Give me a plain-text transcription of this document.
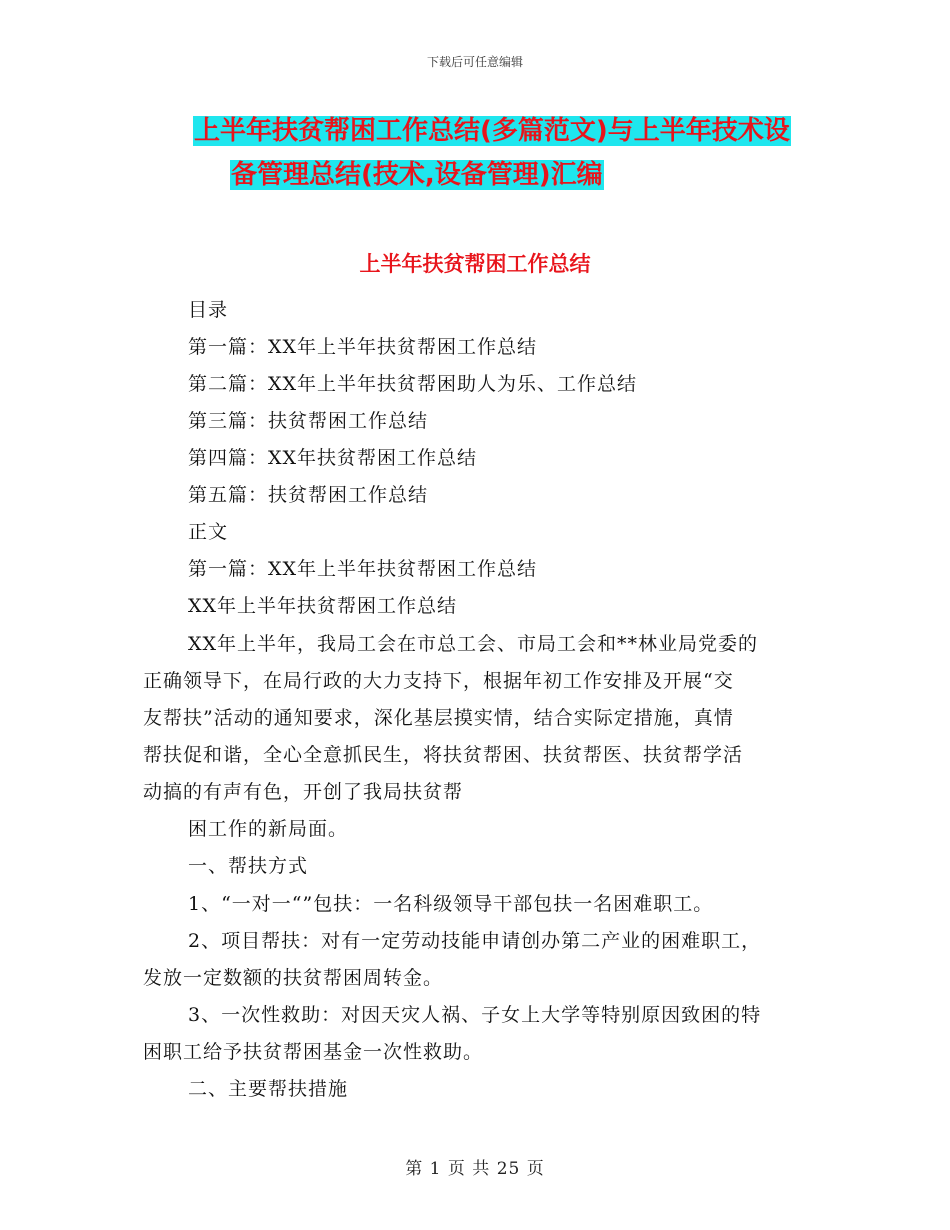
下载后可任意编辑
上半年扶贫帮困工作总结(多篇范文)与上半年技术设
备管理总结(技术,设备管理)汇编
上半年扶贫帮困工作总结
目录
第一篇：XX年上半年扶贫帮困工作总结
第二篇：XX年上半年扶贫帮困助人为乐、工作总结
第三篇：扶贫帮困工作总结
第四篇：XX年扶贫帮困工作总结
第五篇：扶贫帮困工作总结
正文
第一篇：XX年上半年扶贫帮困工作总结
XX年上半年扶贫帮困工作总结
XX年上半年，我局工会在市总工会、市局工会和**林业局党委的
正确领导下，在局行政的大力支持下，根据年初工作安排及开展“交
友帮扶”活动的通知要求，深化基层摸实情，结合实际定措施，真情
帮扶促和谐，全心全意抓民生，将扶贫帮困、扶贫帮医、扶贫帮学活
动搞的有声有色，开创了我局扶贫帮
困工作的新局面。
一、帮扶方式
1、“一对一“”包扶：一名科级领导干部包扶一名困难职工。
2、项目帮扶：对有一定劳动技能申请创办第二产业的困难职工，
发放一定数额的扶贫帮困周转金。
3、一次性救助：对因天灾人祸、子女上大学等特别原因致困的特
困职工给予扶贫帮困基金一次性救助。
二、主要帮扶措施
第 1 页 共 25 页
